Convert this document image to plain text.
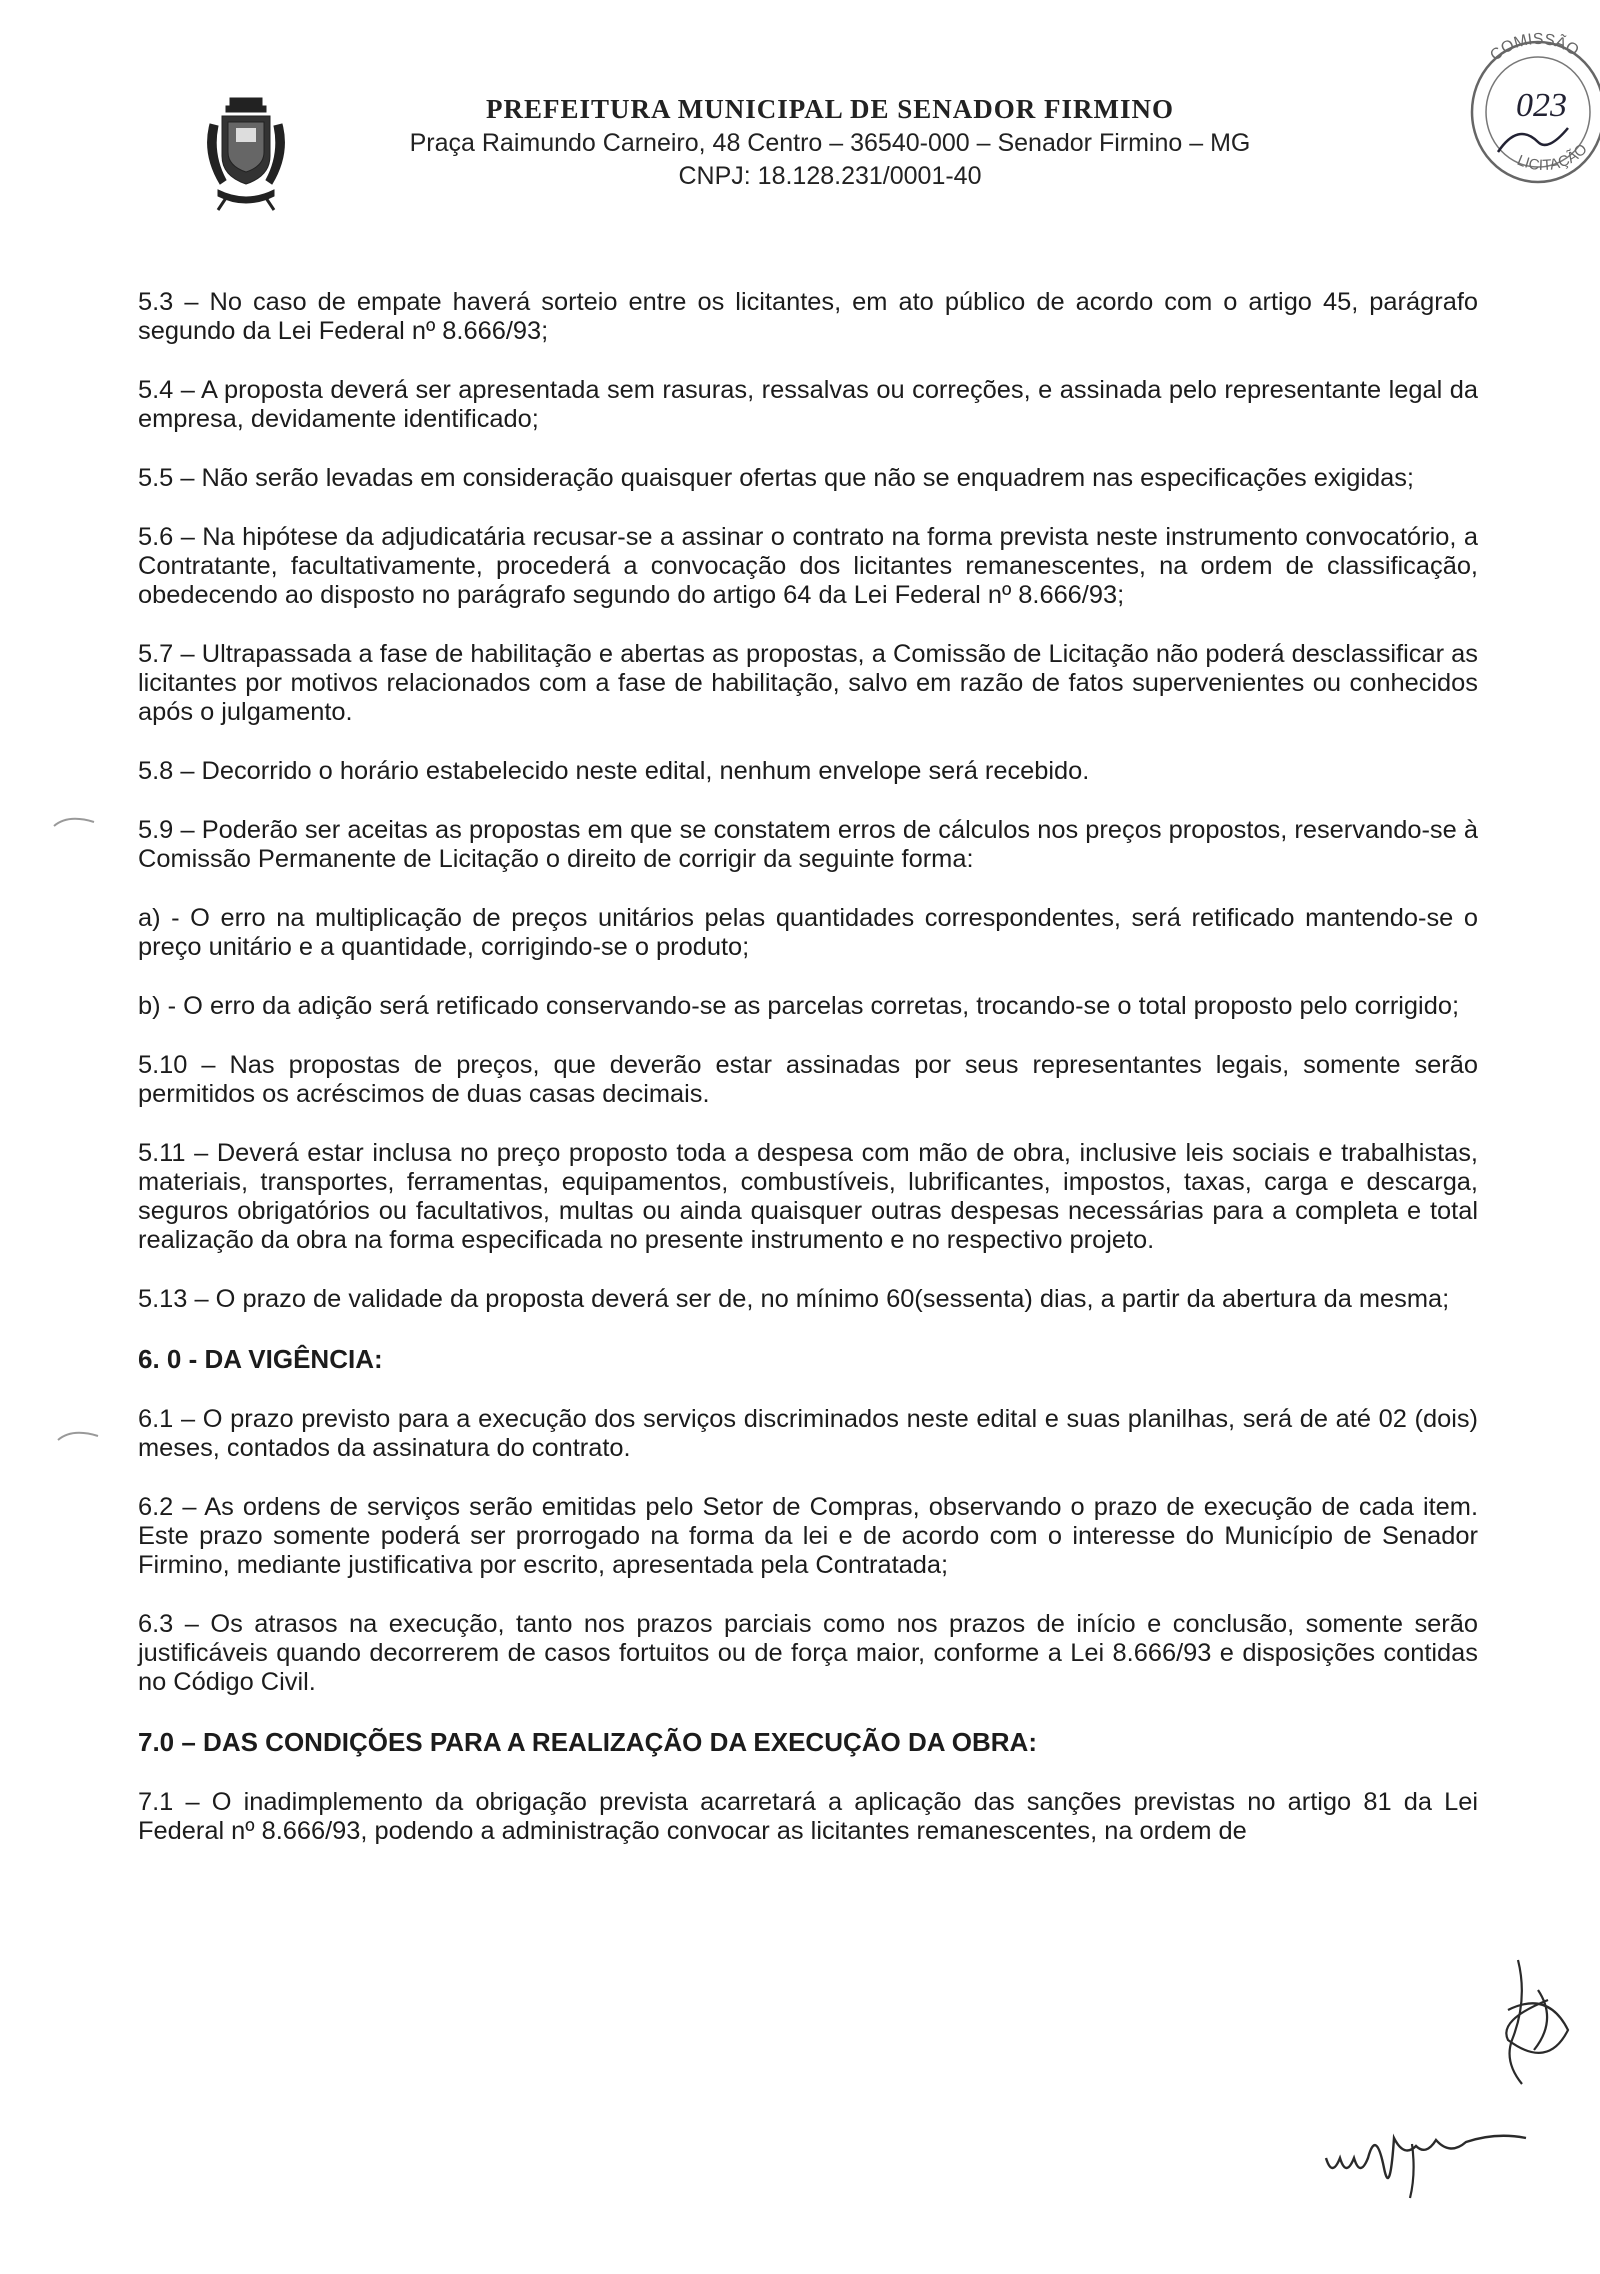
PREFEITURA MUNICIPAL DE SENADOR FIRMINO
Praça Raimundo Carneiro, 48 Centro – 36540-000 – Senador Firmino – MG
CNPJ: 18.128.231/0001-40
COMISSÃO
LICITAÇÃO
023

5.3 – No caso de empate haverá sorteio entre os licitantes, em ato público de acordo com o artigo 45, parágrafo segundo da Lei Federal nº 8.666/93;

5.4 – A proposta deverá ser apresentada sem rasuras, ressalvas ou correções, e assinada pelo representante legal da empresa, devidamente identificado;

5.5 – Não serão levadas em consideração quaisquer ofertas que não se enquadrem nas especificações exigidas;

5.6 – Na hipótese da adjudicatária recusar-se a assinar o contrato na forma prevista neste instrumento convocatório, a Contratante, facultativamente, procederá a convocação dos licitantes remanescentes, na ordem de classificação, obedecendo ao disposto no parágrafo segundo do artigo 64 da Lei Federal nº 8.666/93;

5.7 – Ultrapassada a fase de habilitação e abertas as propostas, a Comissão de Licitação não poderá desclassificar as licitantes por motivos relacionados com a fase de habilitação, salvo em razão de fatos supervenientes ou conhecidos após o julgamento.

5.8 – Decorrido o horário estabelecido neste edital, nenhum envelope será recebido.

5.9 – Poderão ser aceitas as propostas em que se constatem erros de cálculos nos preços propostos, reservando-se à Comissão Permanente de Licitação o direito de corrigir da seguinte forma:

a) - O erro na multiplicação de preços unitários pelas quantidades correspondentes, será retificado mantendo-se o preço unitário e a quantidade, corrigindo-se o produto;

b) - O erro da adição será retificado conservando-se as parcelas corretas, trocando-se o total proposto pelo corrigido;

5.10 – Nas propostas de preços, que deverão estar assinadas por seus representantes legais, somente serão permitidos os acréscimos de duas casas decimais.

5.11 – Deverá estar inclusa no preço proposto toda a despesa com mão de obra, inclusive leis sociais e trabalhistas, materiais, transportes, ferramentas, equipamentos, combustíveis, lubrificantes, impostos, taxas, carga e descarga, seguros obrigatórios ou facultativos, multas ou ainda quaisquer outras despesas necessárias para a completa e total realização da obra na forma especificada no presente instrumento e no respectivo projeto.

5.13 – O prazo de validade da proposta deverá ser de, no mínimo 60(sessenta) dias, a partir da abertura da mesma;

6. 0 - DA VIGÊNCIA:

6.1 – O prazo previsto para a execução dos serviços discriminados neste edital e suas planilhas, será de até 02 (dois) meses, contados da assinatura do contrato.

6.2 – As ordens de serviços serão emitidas pelo Setor de Compras, observando o prazo de execução de cada item. Este prazo somente poderá ser prorrogado na forma da lei e de acordo com o interesse do Município de Senador Firmino, mediante justificativa por escrito, apresentada pela Contratada;

6.3 – Os atrasos na execução, tanto nos prazos parciais como nos prazos de início e conclusão, somente serão justificáveis quando decorrerem de casos fortuitos ou de força maior, conforme a Lei 8.666/93 e disposições contidas no Código Civil.

7.0 – DAS CONDIÇÕES PARA A REALIZAÇÃO DA EXECUÇÃO DA OBRA:

7.1 – O inadimplemento da obrigação prevista acarretará a aplicação das sanções previstas no artigo 81 da Lei Federal nº 8.666/93, podendo a administração convocar as licitantes remanescentes, na ordem de
